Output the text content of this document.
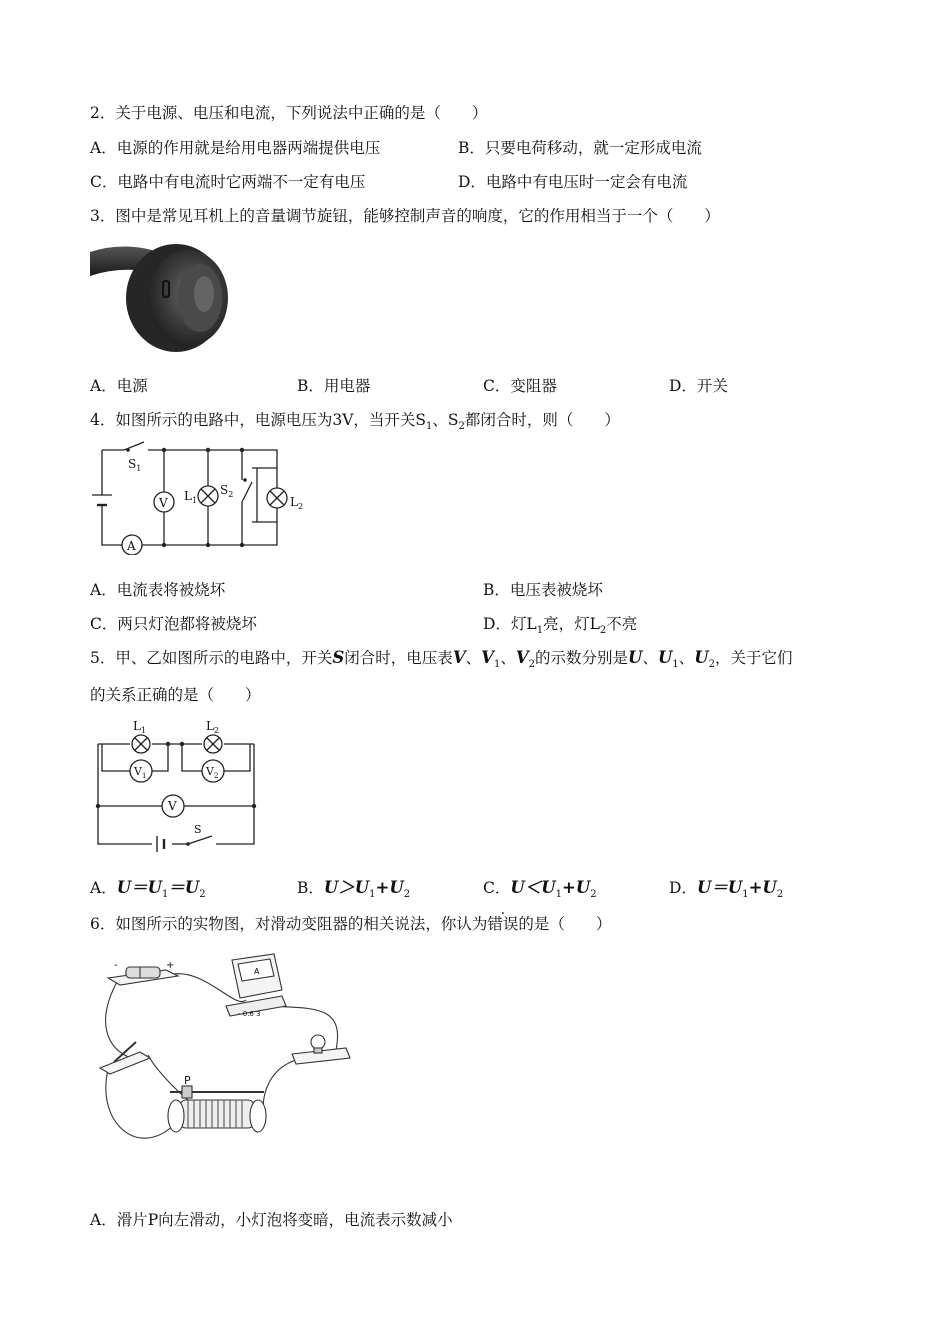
2．关于电源、电压和电流，下列说法中正确的是（　　）
A．电源的作用就是给用电器两端提供电压	B．只要电荷移动，就一定形成电流
C．电路中有电流时它两端不一定有电压	D．电路中有电压时一定会有电流
3．图中是常见耳机上的音量调节旋钮，能够控制声音的响度，它的作用相当于一个（　　）
A．电源	B．用电器	C．变阻器	D．开关
4．如图所示的电路中，电源电压为3V，当开关$S_1$、$S_2$都闭合时，则（　　）
V
A
$S_1$
$L_1$
$S_2$
$L_2$
A．电流表将被烧坏	B．电压表被烧坏
C．两只灯泡都将被烧坏	D．灯$L_1$亮，灯$L_2$不亮
5．甲、乙如图所示的电路中，开关S闭合时，电压表V、$V_1$、$V_2$的示数分别是U、$U_1$、$U_2$，关于它们
的关系正确的是（　　）
$L_1$	$L_2$
$V_1$	$V_2$
V
S
A．$U=U_1=U_2$	B．$U>U_1+U_2$	C．$U<U_1+U_2$	D．$U=U_1+U_2$
6．如图所示的实物图，对滑动变阻器的相关说法，你认为错误的是（　　）
-	+
A
- 0.6 3
P
A．滑片P向左滑动，小灯泡将变暗，电流表示数减小
